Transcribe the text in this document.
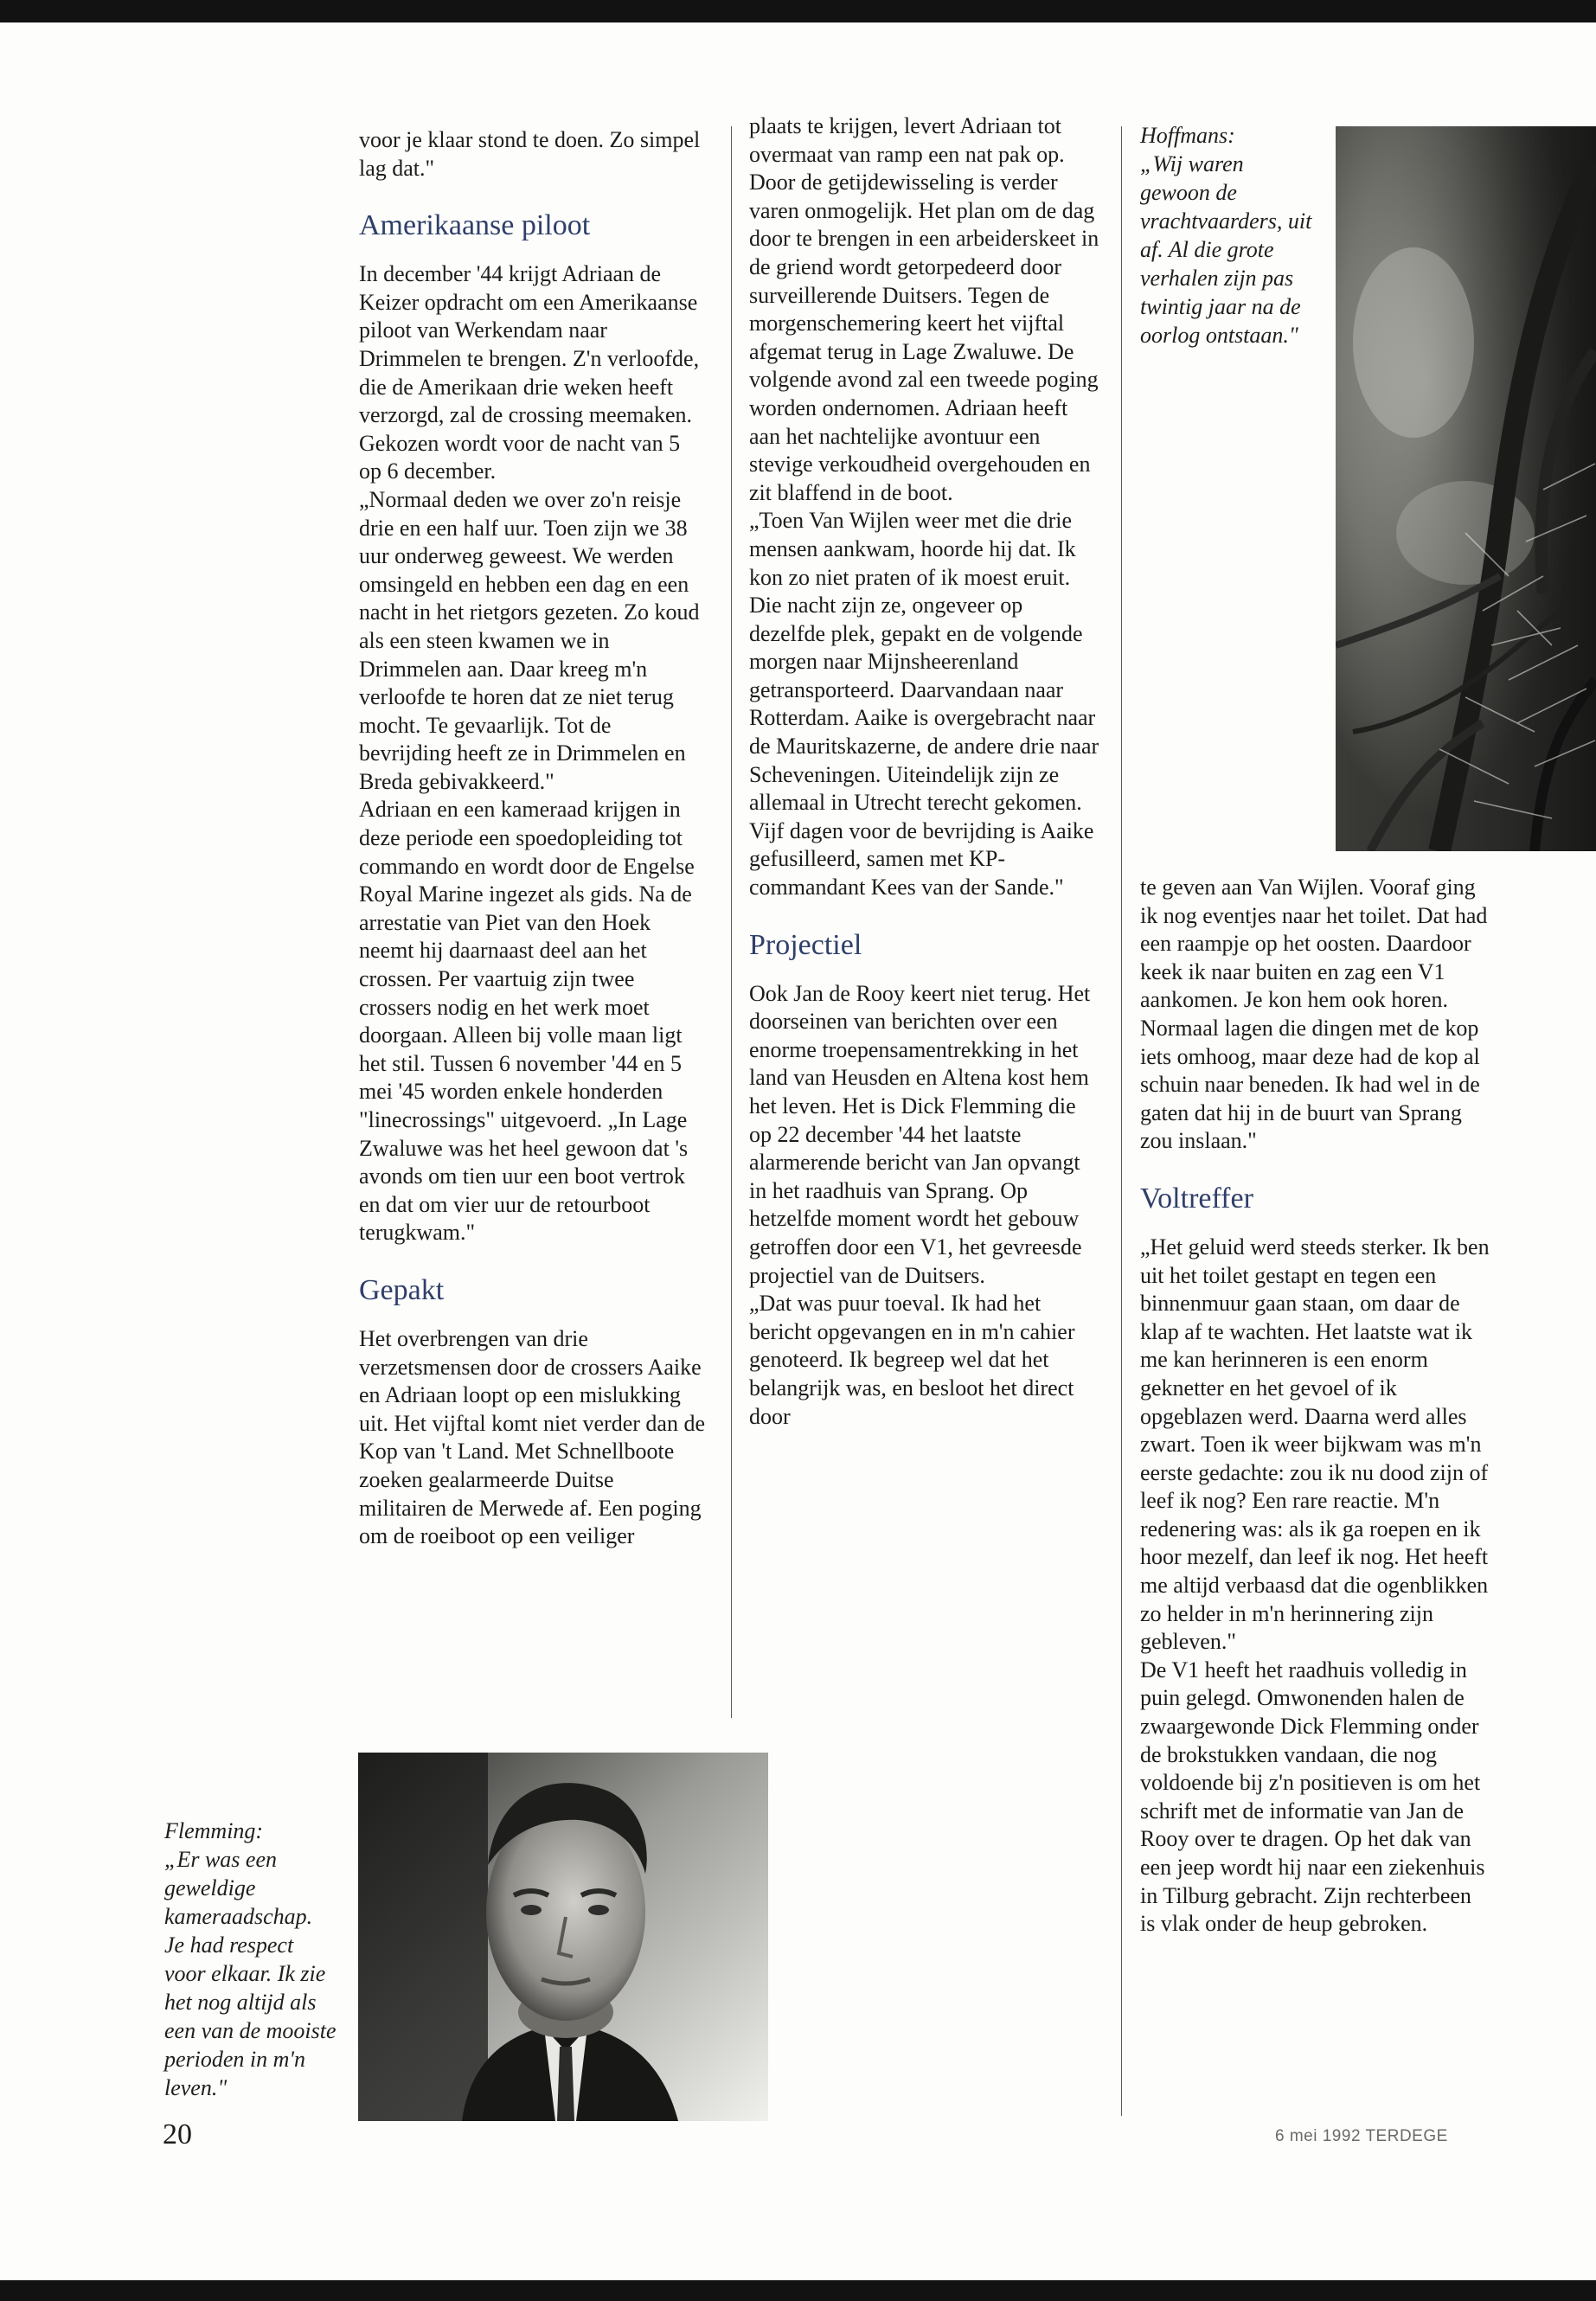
voor je klaar stond te doen. Zo simpel lag dat."

Amerikaanse piloot

In december '44 krijgt Adriaan de Keizer opdracht om een Amerikaanse piloot van Werkendam naar Drimmelen te brengen. Z'n verloofde, die de Amerikaan drie weken heeft verzorgd, zal de crossing meemaken. Gekozen wordt voor de nacht van 5 op 6 december.

„Normaal deden we over zo'n reisje drie en een half uur. Toen zijn we 38 uur onderweg geweest. We werden omsingeld en hebben een dag en een nacht in het rietgors gezeten. Zo koud als een steen kwamen we in Drimmelen aan. Daar kreeg m'n verloofde te horen dat ze niet terug mocht. Te gevaarlijk. Tot de bevrijding heeft ze in Drimmelen en Breda gebivakkeerd."

Adriaan en een kameraad krijgen in deze periode een spoedopleiding tot commando en wordt door de Engelse Royal Marine ingezet als gids. Na de arrestatie van Piet van den Hoek neemt hij daarnaast deel aan het crossen. Per vaartuig zijn twee crossers nodig en het werk moet doorgaan. Alleen bij volle maan ligt het stil. Tussen 6 november '44 en 5 mei '45 worden enkele honderden "linecrossings" uitgevoerd. „In Lage Zwaluwe was het heel gewoon dat 's avonds om tien uur een boot vertrok en dat om vier uur de retourboot terugkwam."

Gepakt

Het overbrengen van drie verzetsmensen door de crossers Aaike en Adriaan loopt op een mislukking uit. Het vijftal komt niet verder dan de Kop van 't Land. Met Schnellboote zoeken gealarmeerde Duitse militairen de Merwede af. Een poging om de roeiboot op een veiliger

plaats te krijgen, levert Adriaan tot overmaat van ramp een nat pak op.

Door de getijdewisseling is verder varen onmogelijk. Het plan om de dag door te brengen in een arbeiderskeet in de griend wordt getorpedeerd door surveillerende Duitsers. Tegen de morgenschemering keert het vijftal afgemat terug in Lage Zwaluwe. De volgende avond zal een tweede poging worden ondernomen. Adriaan heeft aan het nachtelijke avontuur een stevige verkoudheid overgehouden en zit blaffend in de boot.

„Toen Van Wijlen weer met die drie mensen aankwam, hoorde hij dat. Ik kon zo niet praten of ik moest eruit. Die nacht zijn ze, ongeveer op dezelfde plek, gepakt en de volgende morgen naar Mijnsheerenland getransporteerd. Daarvandaan naar Rotterdam. Aaike is overgebracht naar de Mauritskazerne, de andere drie naar Scheveningen. Uiteindelijk zijn ze allemaal in Utrecht terecht gekomen. Vijf dagen voor de bevrijding is Aaike gefusilleerd, samen met KP-commandant Kees van der Sande."

Projectiel

Ook Jan de Rooy keert niet terug. Het doorseinen van berichten over een enorme troepensamentrekking in het land van Heusden en Altena kost hem het leven. Het is Dick Flemming die op 22 december '44 het laatste alarmerende bericht van Jan opvangt in het raadhuis van Sprang. Op hetzelfde moment wordt het gebouw getroffen door een V1, het gevreesde projectiel van de Duitsers.

„Dat was puur toeval. Ik had het bericht opgevangen en in m'n cahier genoteerd. Ik begreep wel dat het belangrijk was, en besloot het direct door

Hoffmans:

„Wij waren gewoon de vrachtvaarders, uit af. Al die grote verhalen zijn pas twintig jaar na de oorlog ontstaan."

te geven aan Van Wijlen. Vooraf ging ik nog eventjes naar het toilet. Dat had een raampje op het oosten. Daardoor keek ik naar buiten en zag een V1 aankomen. Je kon hem ook horen. Normaal lagen die dingen met de kop iets omhoog, maar deze had de kop al schuin naar beneden. Ik had wel in de gaten dat hij in de buurt van Sprang zou inslaan."

Voltreffer

„Het geluid werd steeds sterker. Ik ben uit het toilet gestapt en tegen een binnenmuur gaan staan, om daar de klap af te wachten. Het laatste wat ik me kan herinneren is een enorm geknetter en het gevoel of ik opgeblazen werd. Daarna werd alles zwart. Toen ik weer bijkwam was m'n eerste gedachte: zou ik nu dood zijn of leef ik nog? Een rare reactie. M'n redenering was: als ik ga roepen en ik hoor mezelf, dan leef ik nog. Het heeft me altijd verbaasd dat die ogenblikken zo helder in m'n herinnering zijn gebleven."

De V1 heeft het raadhuis volledig in puin gelegd. Omwonenden halen de zwaargewonde Dick Flemming onder de brokstukken vandaan, die nog voldoende bij z'n positieven is om het schrift met de informatie van Jan de Rooy over te dragen. Op het dak van een jeep wordt hij naar een ziekenhuis in Tilburg gebracht. Zijn rechterbeen is vlak onder de heup gebroken.

Flemming:

„Er was een geweldige kameraadschap. Je had respect voor elkaar. Ik zie het nog altijd als een van de mooiste perioden in m'n leven."

20	6 mei 1992 TERDEGE
